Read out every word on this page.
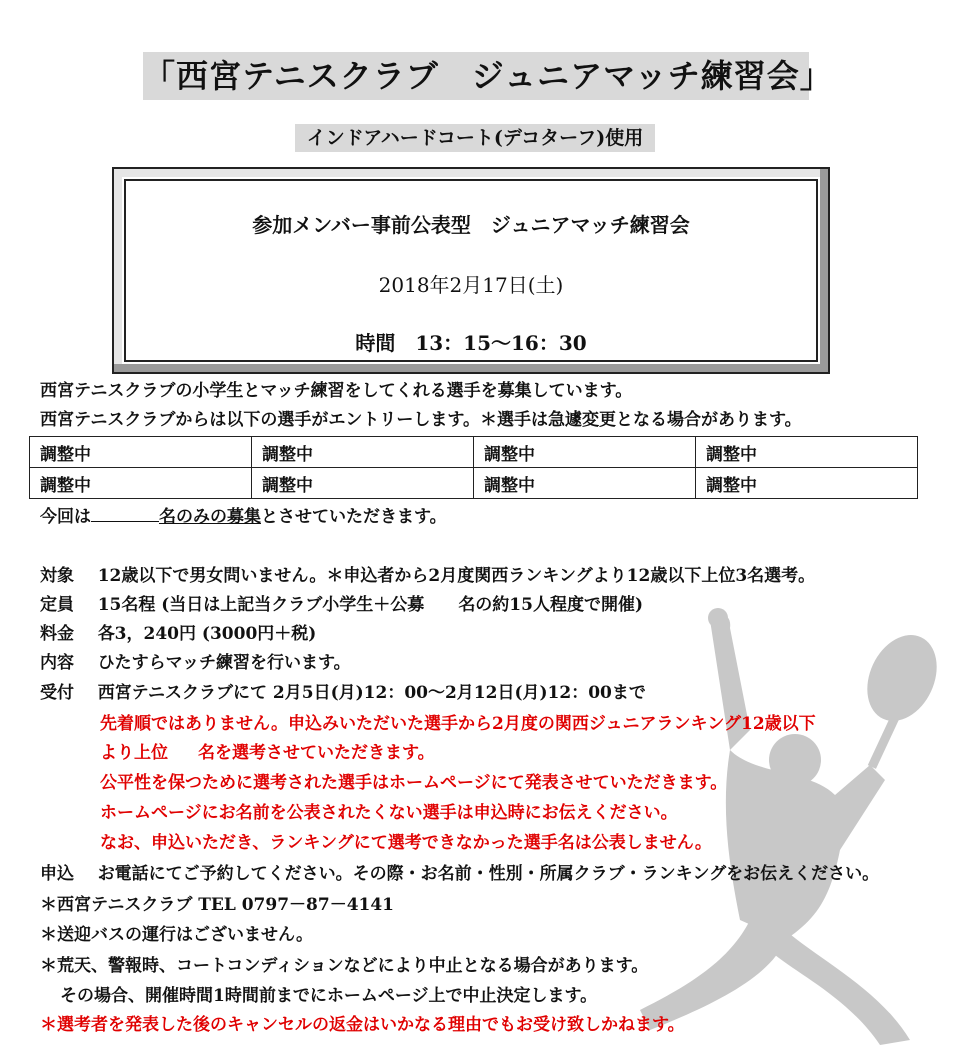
「西宮テニスクラブ　ジュニアマッチ練習会」
インドアハードコート(デコターフ)使用
参加メンバー事前公表型　ジュニアマッチ練習会
2018年2月17日(土)
時間　13：15～16：30
西宮テニスクラブの小学生とマッチ練習をしてくれる選手を募集しています。
西宮テニスクラブからは以下の選手がエントリーします。＊選手は急遽変更となる場合があります。
調整中	調整中	調整中	調整中
調整中	調整中	調整中	調整中
今回は	名のみの募集とさせていただきます。
対象 12歳以下で男女問いません。＊申込者から2月度関西ランキングより12歳以下上位3名選考。
定員 15名程 (当日は上記当クラブ小学生＋公募 名の約15人程度で開催)
料金 各3，240円 (3000円＋税)
内容 ひたすらマッチ練習を行います。
受付 西宮テニスクラブにて 2月5日(月)12：00～2月12日(月)12：00まで
先着順ではありません。申込みいただいた選手から2月度の関西ジュニアランキング12歳以下
より上位 名を選考させていただきます。
公平性を保つために選考された選手はホームページにて発表させていただきます。
ホームページにお名前を公表されたくない選手は申込時にお伝えください。
なお、申込いただき、ランキングにて選考できなかった選手名は公表しません。
申込 お電話にてご予約してください。その際・お名前・性別・所属クラブ・ランキングをお伝えください。
＊西宮テニスクラブ TEL 0797－87－4141
＊送迎バスの運行はございません。
＊荒天、警報時、コートコンディションなどにより中止となる場合があります。
その場合、開催時間1時間前までにホームページ上で中止決定します。
＊選考者を発表した後のキャンセルの返金はいかなる理由でもお受け致しかねます。
